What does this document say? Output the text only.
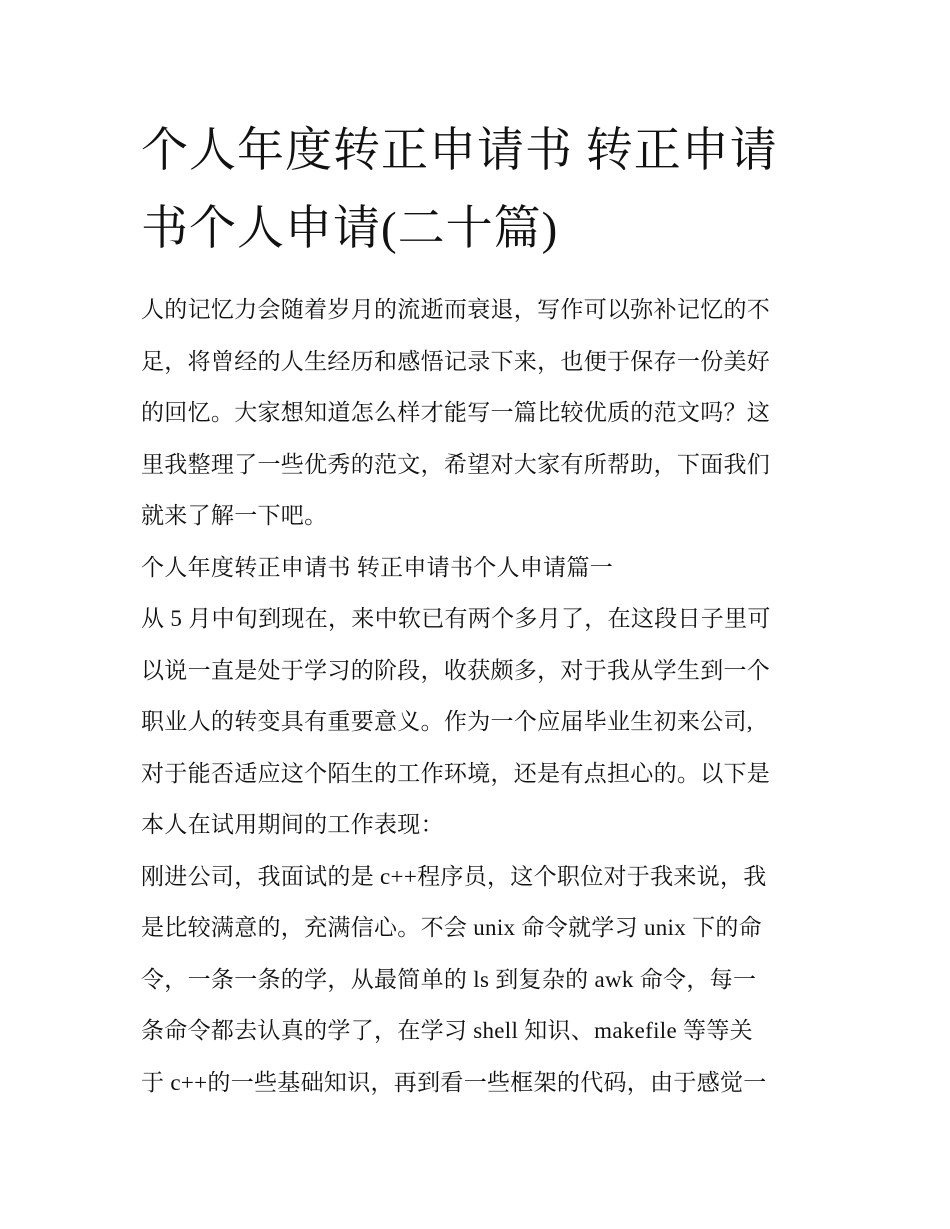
个人年度转正申请书 转正申请
书个人申请(二十篇)

人的记忆力会随着岁月的流逝而衰退，写作可以弥补记忆的不
足，将曾经的人生经历和感悟记录下来，也便于保存一份美好
的回忆。大家想知道怎么样才能写一篇比较优质的范文吗？这
里我整理了一些优秀的范文，希望对大家有所帮助，下面我们
就来了解一下吧。

个人年度转正申请书 转正申请书个人申请篇一

从 5 月中旬到现在，来中软已有两个多月了，在这段日子里可
以说一直是处于学习的阶段，收获颇多，对于我从学生到一个
职业人的转变具有重要意义。作为一个应届毕业生初来公司,
对于能否适应这个陌生的工作环境，还是有点担心的。以下是
本人在试用期间的工作表现：

刚进公司，我面试的是 c++程序员，这个职位对于我来说，我
是比较满意的，充满信心。不会 unix 命令就学习 unix 下的命
令，一条一条的学，从最简单的 ls 到复杂的 awk 命令，每一
条命令都去认真的学了，在学习 shell 知识、makefile 等等关
于 c++的一些基础知识，再到看一些框架的代码，由于感觉一
